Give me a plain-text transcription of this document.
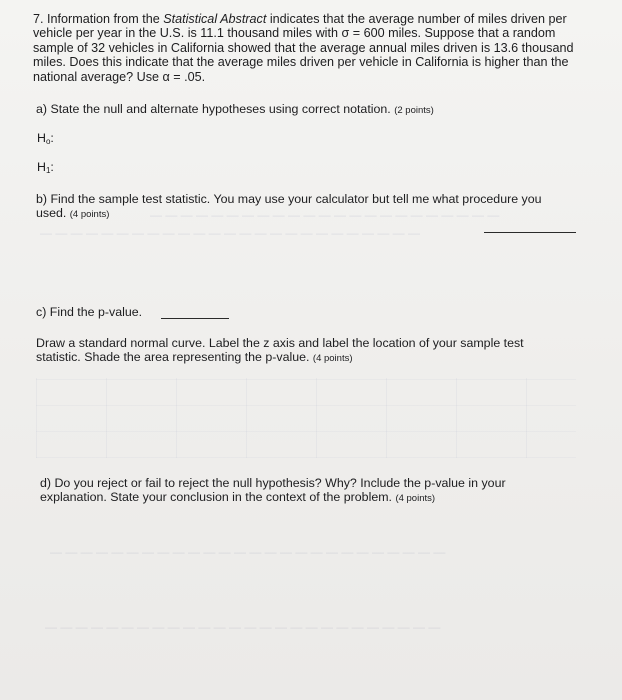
— — — — — — — — — — — — — — — — — — — — — — —
— — — — — — — — — — — — — — — — — — — — — — — — —
— — — — — — — — — — — — — — — — — — — — — — — — — —
— — — — — — — — — — — — — — — — — — — — — — — — — —
7. Information from the Statistical Abstract indicates that the average number of miles driven per
vehicle per year in the U.S. is 11.1 thousand miles with σ = 600 miles. Suppose that a random
sample of 32 vehicles in California showed that the average annual miles driven is 13.6 thousand
miles. Does this indicate that the average miles driven per vehicle in California is higher than the
national average? Use α = .05.
a) State the null and alternate hypotheses using correct notation. (2 points)
$H_o$:
$H_1$:
b) Find the sample test statistic. You may use your calculator but tell me what procedure you
used. (4 points)
c) Find the p-value.
Draw a standard normal curve. Label the z axis and label the location of your sample test
statistic. Shade the area representing the p-value. (4 points)
d) Do you reject or fail to reject the null hypothesis? Why? Include the p-value in your
explanation. State your conclusion in the context of the problem. (4 points)
